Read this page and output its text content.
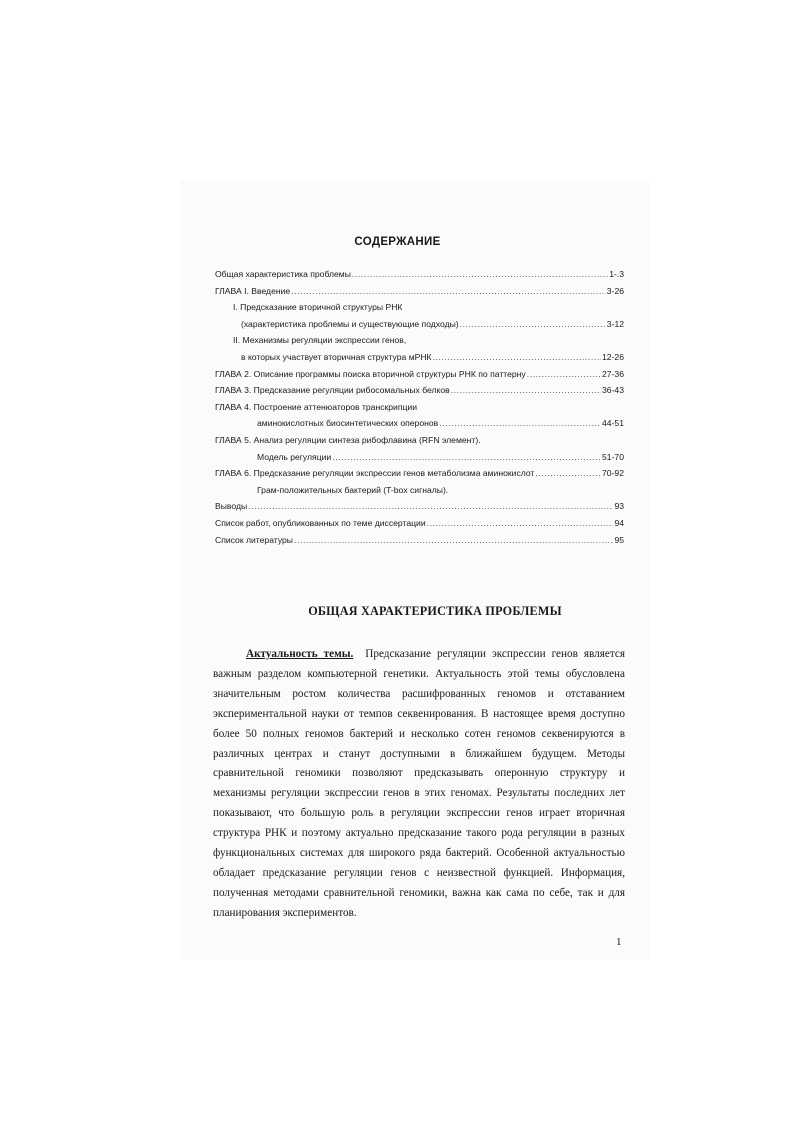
СОДЕРЖАНИЕ
Общая характеристика проблемы .....	1-.3
ГЛАВА I. Введение .....	3-26
I. Предсказание вторичной структуры РНК
(характеристика проблемы и существующие подходы) .....	3-12
II. Механизмы регуляции экспрессии генов,
в которых участвует вторичная структура мРНК .....	12-26
ГЛАВА 2. Описание программы поиска вторичной структуры РНК по паттерну .....	27-36
ГЛАВА 3. Предсказание регуляции рибосомальных белков .....	36-43
ГЛАВА 4. Построение аттенюаторов транскрипции
аминокислотных биосинтетических оперонов .....	44-51
ГЛАВА 5. Анализ регуляции синтеза рибофлавина (RFN элемент).
Модель регуляции .....	51-70
ГЛАВА 6. Предсказание регуляции экспрессии генов метаболизма аминокислот .....	70-92
Грам-положительных бактерий (T-box сигналы).
Выводы .....	93
Список работ, опубликованных по теме диссертации .....	94
Список литературы .....	95
ОБЩАЯ ХАРАКТЕРИСТИКА ПРОБЛЕМЫ

Актуальность темы. Предсказание регуляции экспрессии генов является важным разделом компьютерной генетики. Актуальность этой темы обусловлена значительным ростом количества расшифрованных геномов и отставанием экспериментальной науки от темпов секвенирования. В настоящее время доступно более 50 полных геномов бактерий и несколько сотен геномов секвенируются в различных центрах и станут доступными в ближайшем будущем. Методы сравнительной геномики позволяют предсказывать оперонную структуру и механизмы регуляции экспрессии генов в этих геномах. Результаты последних лет показывают, что большую роль в регуляции экспрессии генов играет вторичная структура РНК и поэтому актуально предсказание такого рода регуляции в разных функциональных системах для широкого ряда бактерий. Особенной актуальностью обладает предсказание регуляции генов с неизвестной функцией. Информация, полученная методами сравнительной геномики, важна как сама по себе, так и для планирования экспериментов.

1
